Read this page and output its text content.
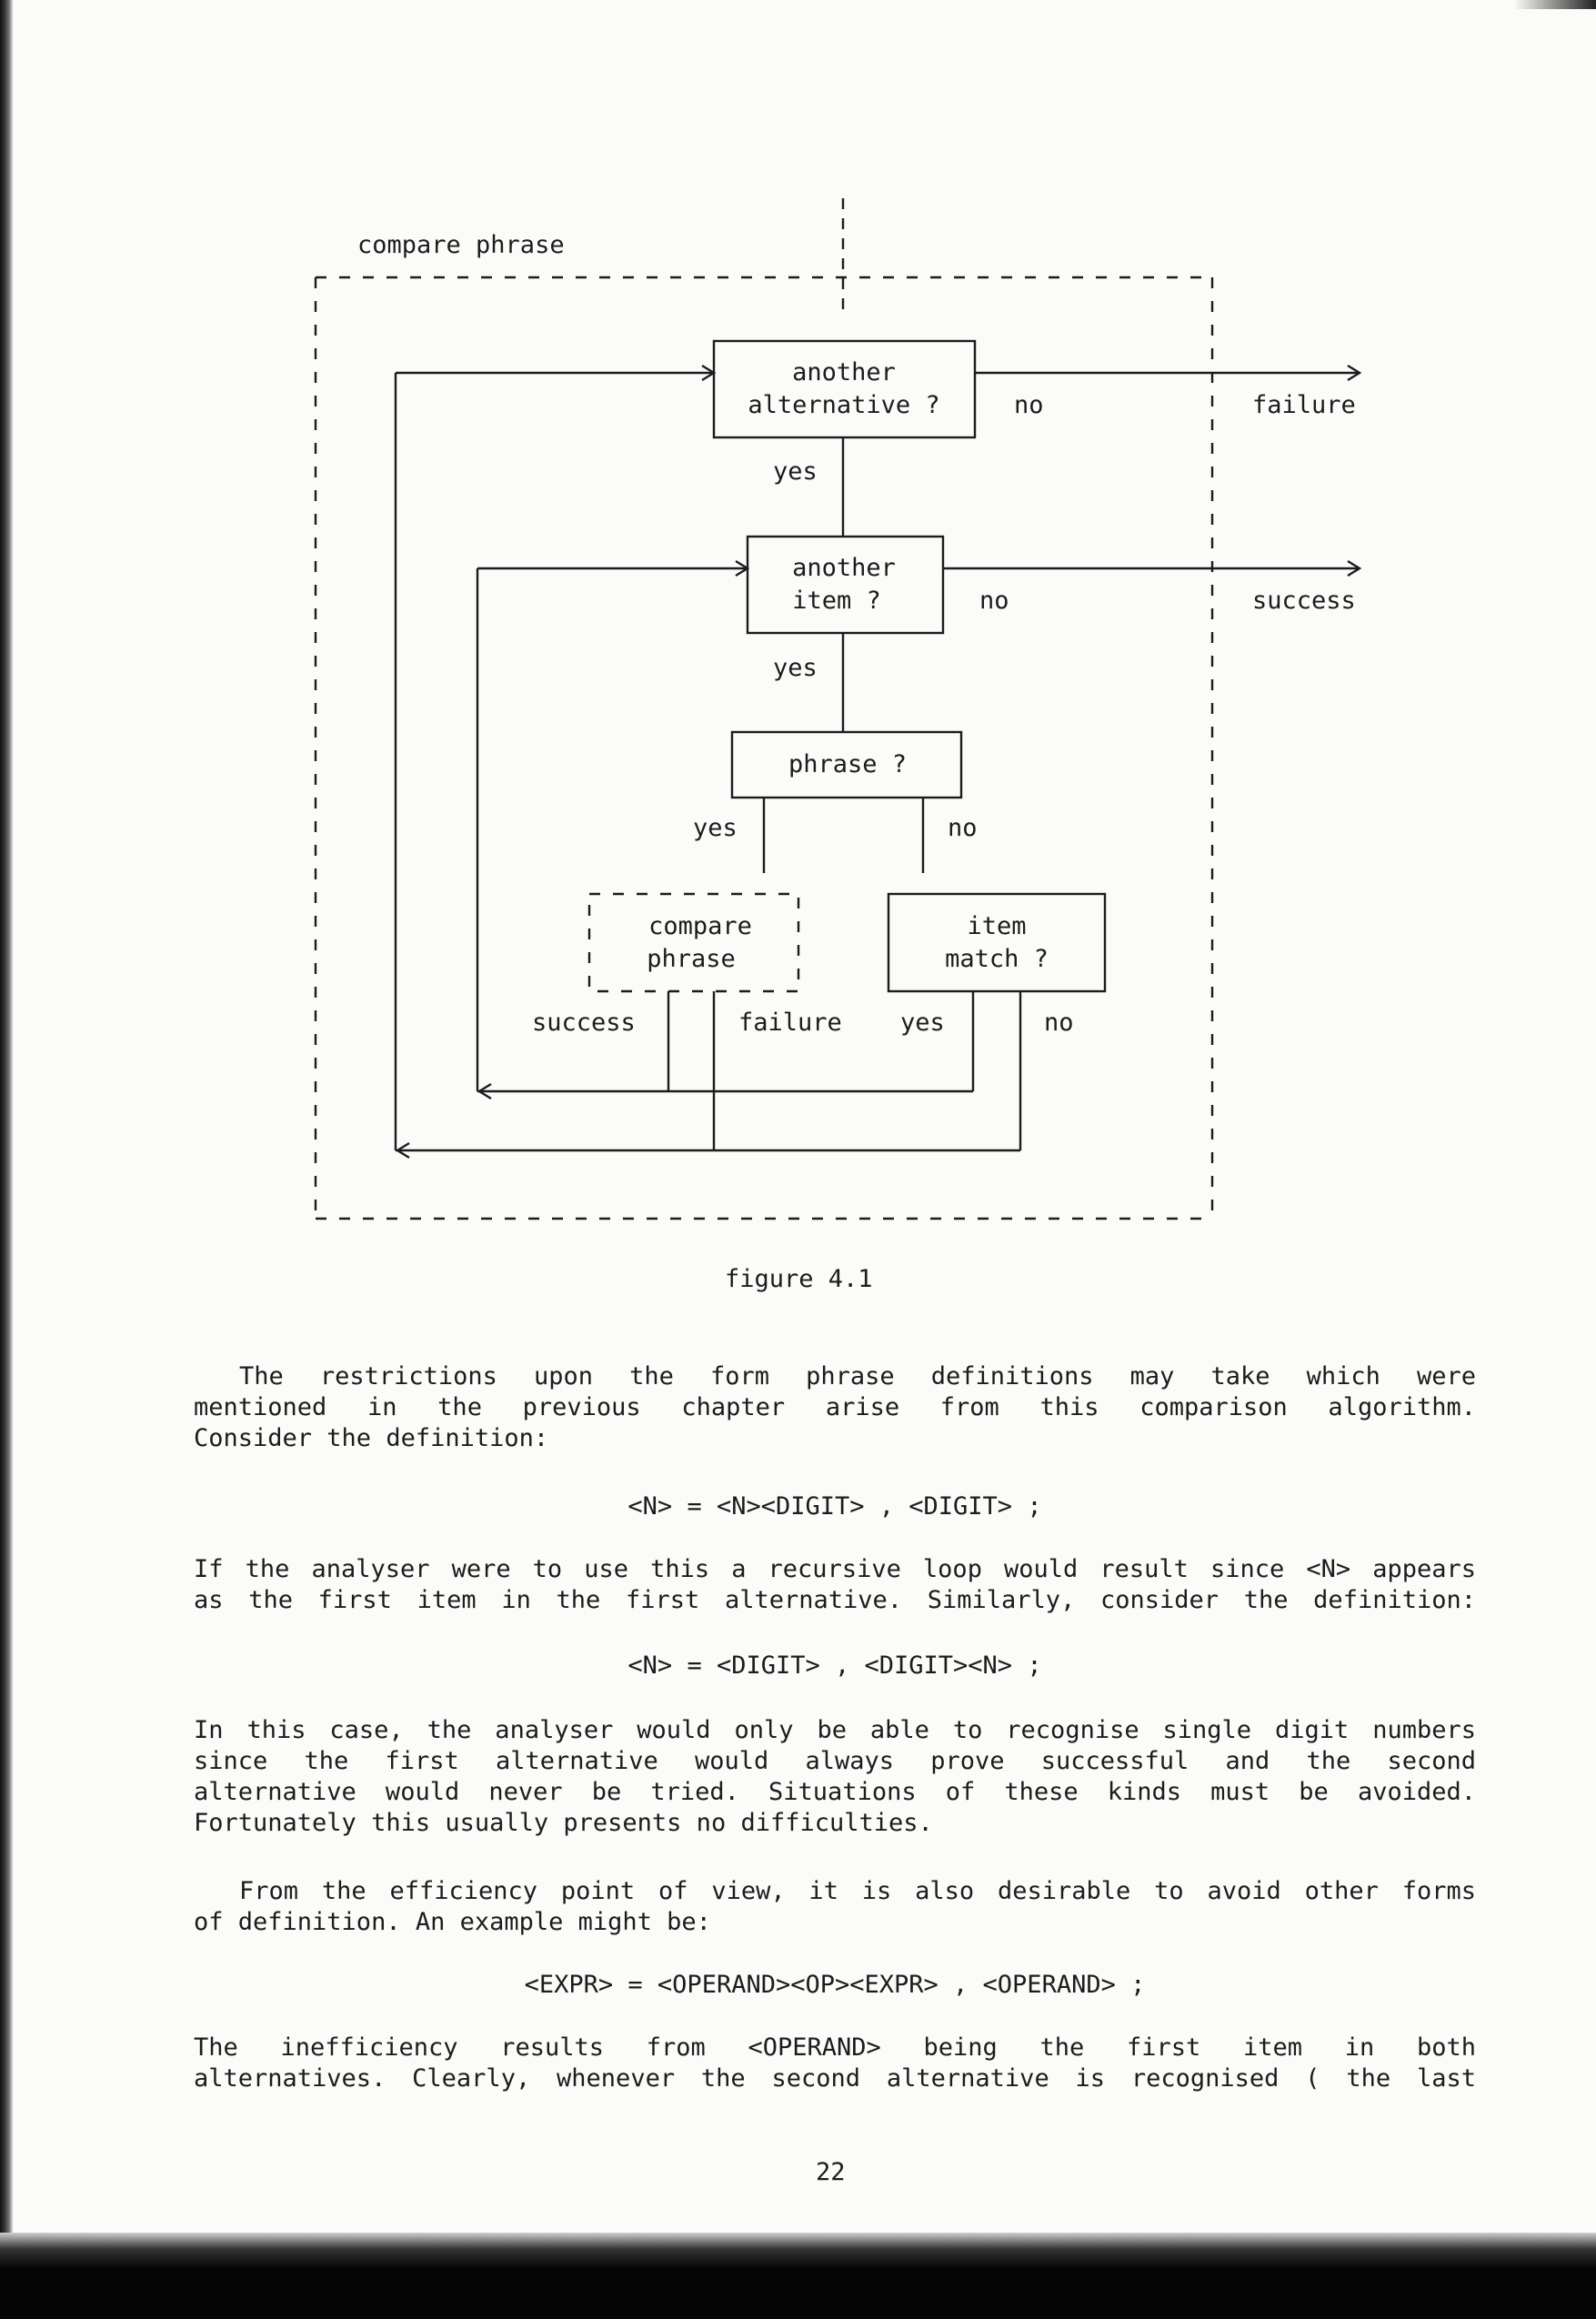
compare phrase
another
alternative ?
another
item ?
phrase ?
compare
phrase
item
match ?
no	failure
yes
no	success
yes
yes	no
success	failure yes	no
figure 4.1
The restrictions upon the form phrase definitions may take which were
mentioned in the previous chapter arise from this comparison algorithm.
Consider the definition:
<N> = <N><DIGIT> , <DIGIT> ;
If the analyser were to use this a recursive loop would result since <N> appears
as the first item in the first alternative. Similarly, consider the definition:
<N> = <DIGIT> , <DIGIT><N> ;
In this case, the analyser would only be able to recognise single digit numbers
since the first alternative would always prove successful and the second
alternative would never be tried. Situations of these kinds must be avoided.
Fortunately this usually presents no difficulties.
From the efficiency point of view, it is also desirable to avoid other forms
of definition. An example might be:
<EXPR> = <OPERAND><OP><EXPR> , <OPERAND> ;
The inefficiency results from <OPERAND> being the first item in both
alternatives. Clearly, whenever the second alternative is recognised ( the last
22
